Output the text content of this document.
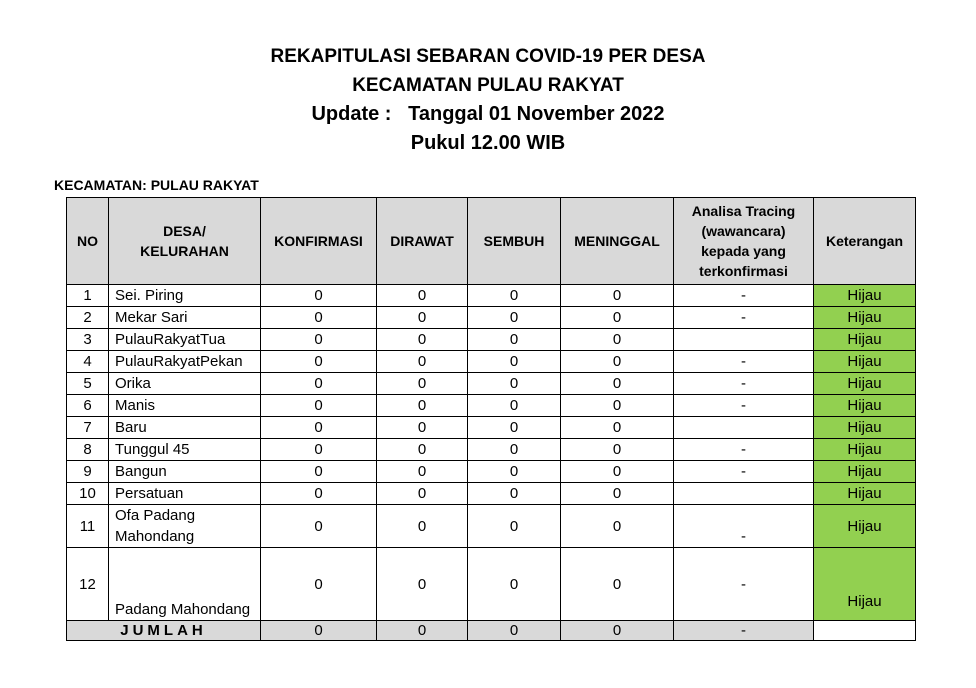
REKAPITULASI SEBARAN COVID-19 PER DESA
KECAMATAN PULAU RAKYAT
Update :   Tanggal 01 November 2022
Pukul 12.00 WIB
KECAMATAN: PULAU RAKYAT
NO	DESA/ KELURAHAN	KONFIRMASI	DIRAWAT	SEMBUH	MENINGGAL	Analisa Tracing (wawancara) kepada yang terkonfirmasi	Keterangan
1	Sei. Piring	0	0	0	0	-	Hijau
2	Mekar Sari	0	0	0	0	-	Hijau
3	PulauRakyatTua	0	0	0	0		Hijau
4	PulauRakyatPekan	0	0	0	0	-	Hijau
5	Orika	0	0	0	0	-	Hijau
6	Manis	0	0	0	0	-	Hijau
7	Baru	0	0	0	0		Hijau
8	Tunggul 45	0	0	0	0	-	Hijau
9	Bangun	0	0	0	0	-	Hijau
10	Persatuan	0	0	0	0		Hijau
11	Ofa Padang Mahondang	0	0	0	0	-	Hijau
12	Padang Mahondang	0	0	0	0	-	Hijau
JUMLAH		0	0	0	0	-	
